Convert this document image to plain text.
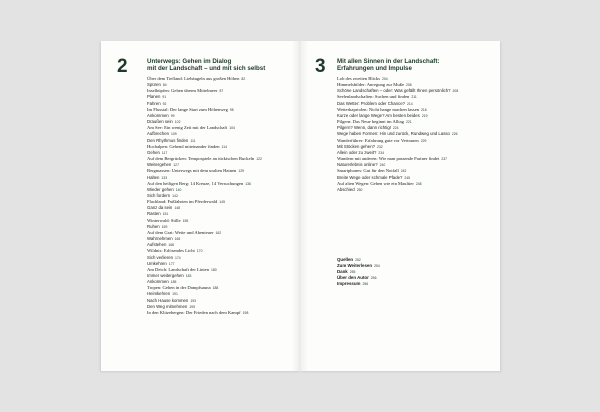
2	Unterwegs: Gehen im Dialog
mit der Landschaft – und mit sich selbst
Über dem Tiefland: Liebäugeln aus großen Höhen 82
Spüren 84
Inselhüpfen: Gehen überm Mittelmeer 87
Planen 91
Fahren 92
Im Flusstal: Der lange Start zum Höhenweg 95
Ankommen 99
Draußen sein 102
Am See: Ein wenig Zeit mit der Landschaft 104
Aufbrechen 109
Den Rhythmus finden 111
Hochalpen: Gehend miteinander finden 114
Gehen 117
Auf dem Bergrücken: Tempospiele an tückischen Buckeln 122
Weitergehen 127
Bergmassen: Unterwegs mit dem uralten Hainen 129
Halten 133
Auf den heiligen Berg: 14 Kreuze, 14 Versuchungen 136
Wieder gehen 140
Sich fordern 142
Flachland: Fußfahrten im Pferderwald 145
Ganz da sein 148
Rasten 151
Winterwald: Stille 155
Ruhen 159
Auf dem Grat: Weite und Abenteuer 162
Wahrnehmen 165
Aufstehen 168
Wildnis: Erlösendes Licht 170
Sich verlieren 174
Umkehren 177
Am Deich: Landschaft der Linien 180
Immer weitergehen 183
Ankommen 185
Tropen: Gehen in der Dampfsauna 188
Heimkehren 191
Nach Hause kommen 193
Den Weg mitnehmen 195
In den Klitzebergen: Der Frieden nach dem Kampf 198
3 Mit allen Sinnen in der Landschaft:
Erfahrungen und Impulse
Lob des zweiten Blicks 204
Himmelsbilder: Anregung zur Muße 206
Schöne Landschaften – oder: Was gefällt Ihnen persönlich? 208
Seelenlandschaften: Suchen und finden 211
Das Wetter: Problem oder Chance? 214
Wetterkapriolen: Nicht hange machen lassen 216
Kurze oder lange Wege? Am besten beides 219
Pilgern: Das Neue beginnt im Alltag 221
Pilgern? Wenn, dann richtig! 224
Wege haben Formen: Hin und zurück, Rundweg und Lasso 226
Wanderführer: Erfahrung gute vor Vertrauen 229
Mit Stöcken gehen? 232
Allein oder zu zweit? 234
Wandern mit anderen: Wie man passende Partner findet 237
Naturerlebnis online? 240
Smartphones: Gut für den Notfall 242
Breite Wege oder schmale Pfade? 245
Auf alten Wegen: Gehen wie ein Maultier 248
Abschied 250
Quellen 252
Zum Weiterlesen 254
Dank 255
Über den Autor 256
Impressum 256
